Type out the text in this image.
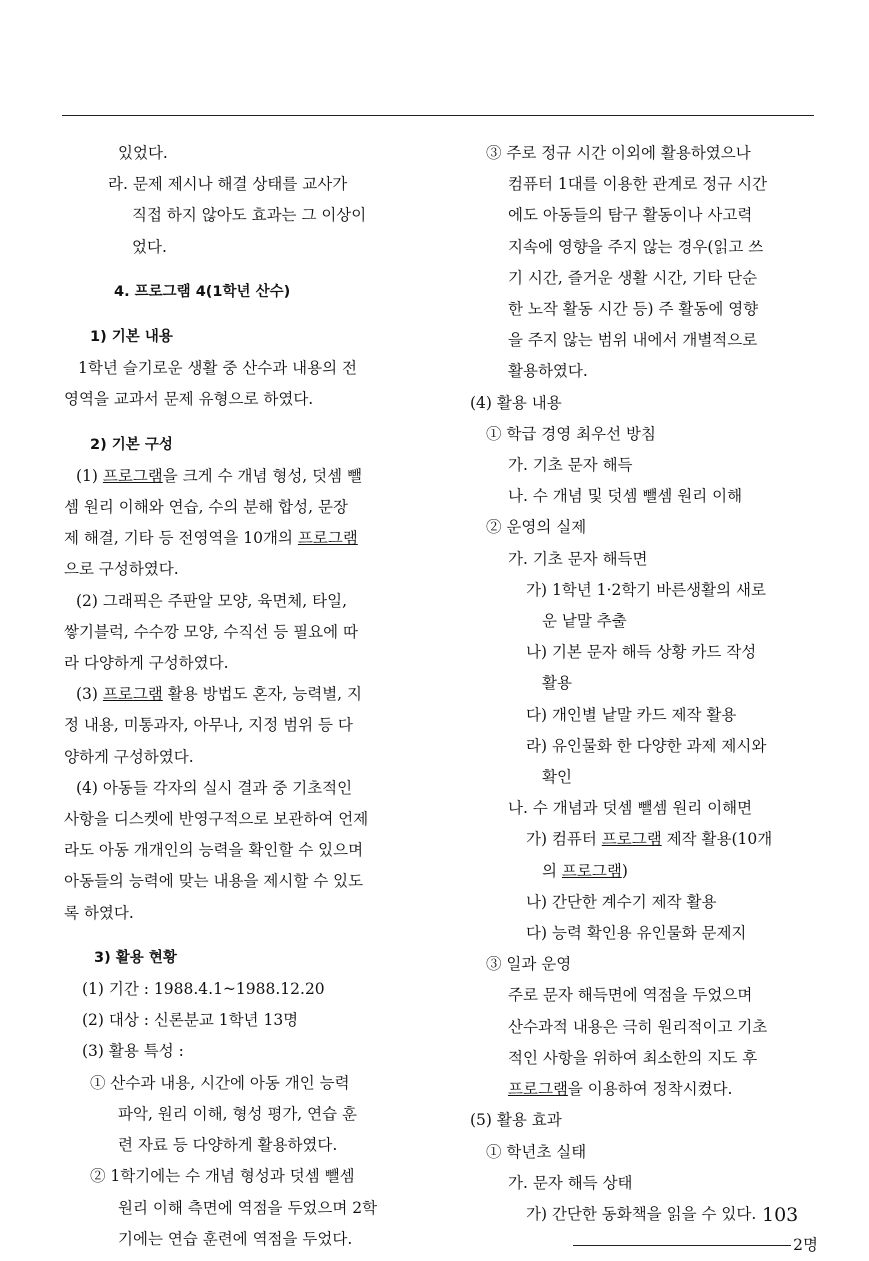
있었다.
라. 문제 제시나 해결 상태를 교사가
직접 하지 않아도 효과는 그 이상이
었다.
4. 프로그램 4(1학년 산수)
1) 기본 내용
1학년 슬기로운 생활 중 산수과 내용의 전
영역을 교과서 문제 유형으로 하였다.
2) 기본 구성
(1) 프로그램을 크게 수 개념 형성, 덧셈 뺄
셈 원리 이해와 연습, 수의 분해 합성, 문장
제 해결, 기타 등 전영역을 10개의 프로그램
으로 구성하였다.
(2) 그래픽은 주판알 모양, 육면체, 타일,
쌓기블럭, 수수깡 모양, 수직선 등 필요에 따
라 다양하게 구성하였다.
(3) 프로그램 활용 방법도 혼자, 능력별, 지
정 내용, 미통과자, 아무나, 지정 범위 등 다
양하게 구성하였다.
(4) 아동들 각자의 실시 결과 중 기초적인
사항을 디스켓에 반영구적으로 보관하여 언제
라도 아동 개개인의 능력을 확인할 수 있으며
아동들의 능력에 맞는 내용을 제시할 수 있도
록 하였다.
3) 활용 현황
(1) 기간 : 1988.4.1~1988.12.20
(2) 대상 : 신론분교 1학년 13명
(3) 활용 특성 :
① 산수과 내용, 시간에 아동 개인 능력
파악, 원리 이해, 형성 평가, 연습 훈
련 자료 등 다양하게 활용하였다.
② 1학기에는 수 개념 형성과 덧셈 뺄셈
원리 이해 측면에 역점을 두었으며 2학
기에는 연습 훈련에 역점을 두었다.
③ 주로 정규 시간 이외에 활용하였으나
컴퓨터 1대를 이용한 관계로 정규 시간
에도 아동들의 탐구 활동이나 사고력
지속에 영향을 주지 않는 경우(읽고 쓰
기 시간, 즐거운 생활 시간, 기타 단순
한 노작 활동 시간 등) 주 활동에 영향
을 주지 않는 범위 내에서 개별적으로
활용하였다.
(4) 활용 내용
① 학급 경영 최우선 방침
가. 기초 문자 해득
나. 수 개념 및 덧셈 뺄셈 원리 이해
② 운영의 실제
가. 기초 문자 해득면
가) 1학년 1·2학기 바른생활의 새로
운 낱말 추출
나) 기본 문자 해득 상황 카드 작성
활용
다) 개인별 낱말 카드 제작 활용
라) 유인물화 한 다양한 과제 제시와
확인
나. 수 개념과 덧셈 뺄셈 원리 이해면
가) 컴퓨터 프로그램 제작 활용(10개
의 프로그램)
나) 간단한 계수기 제작 활용
다) 능력 확인용 유인물화 문제지
③ 일과 운영
주로 문자 해득면에 역점을 두었으며
산수과적 내용은 극히 원리적이고 기초
적인 사항을 위하여 최소한의 지도 후
프로그램을 이용하여 정착시켰다.
(5) 활용 효과
① 학년초 실태
가. 문자 해득 상태
가) 간단한 동화책을 읽을 수 있다.
2명
103
